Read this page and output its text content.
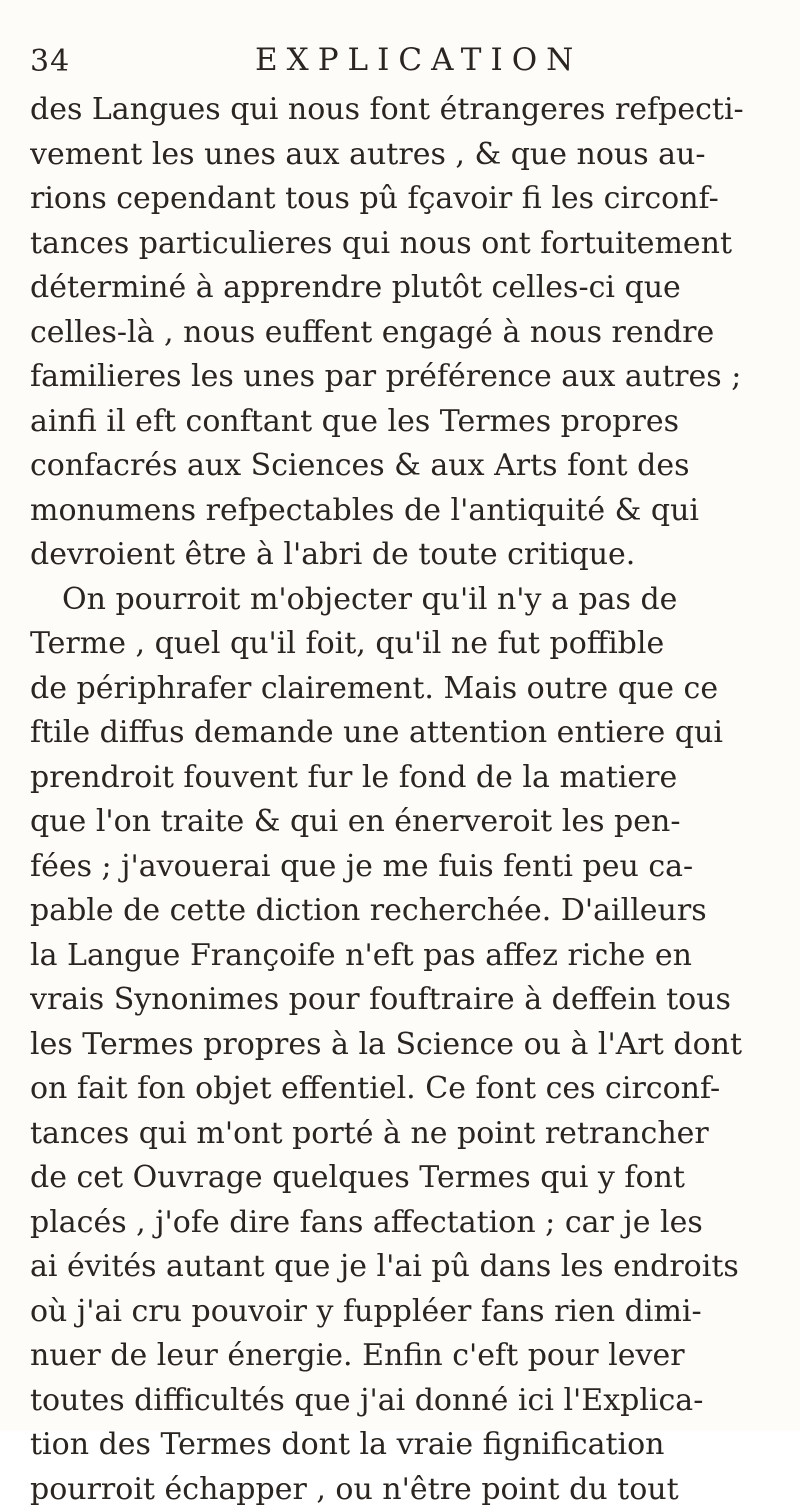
34	EXPLICATION
des Langues qui nous font étrangeres refpecti-
vement les unes aux autres , & que nous au-
rions cependant tous pû fçavoir fi les circonf-
tances particulieres qui nous ont fortuitement
déterminé à apprendre plutôt celles-ci que
celles-là , nous euffent engagé à nous rendre
familieres les unes par préférence aux autres ;
ainfi il eft conftant que les Termes propres
confacrés aux Sciences & aux Arts font des
monumens refpectables de l'antiquité & qui
devroient être à l'abri de toute critique.
On pourroit m'objecter qu'il n'y a pas de
Terme , quel qu'il foit, qu'il ne fut poffible
de périphrafer clairement. Mais outre que ce
ftile diffus demande une attention entiere qui
prendroit fouvent fur le fond de la matiere
que l'on traite & qui en énerveroit les pen-
fées ; j'avouerai que je me fuis fenti peu ca-
pable de cette diction recherchée. D'ailleurs
la Langue Françoife n'eft pas affez riche en
vrais Synonimes pour fouftraire à deffein tous
les Termes propres à la Science ou à l'Art dont
on fait fon objet effentiel. Ce font ces circonf-
tances qui m'ont porté à ne point retrancher
de cet Ouvrage quelques Termes qui y font
placés , j'ofe dire fans affectation ; car je les
ai évités autant que je l'ai pû dans les endroits
où j'ai cru pouvoir y fuppléer fans rien dimi-
nuer de leur énergie. Enfin c'eft pour lever
toutes difficultés que j'ai donné ici l'Explica-
tion des Termes dont la vraie fignification
pourroit échapper , ou n'être point du tout
